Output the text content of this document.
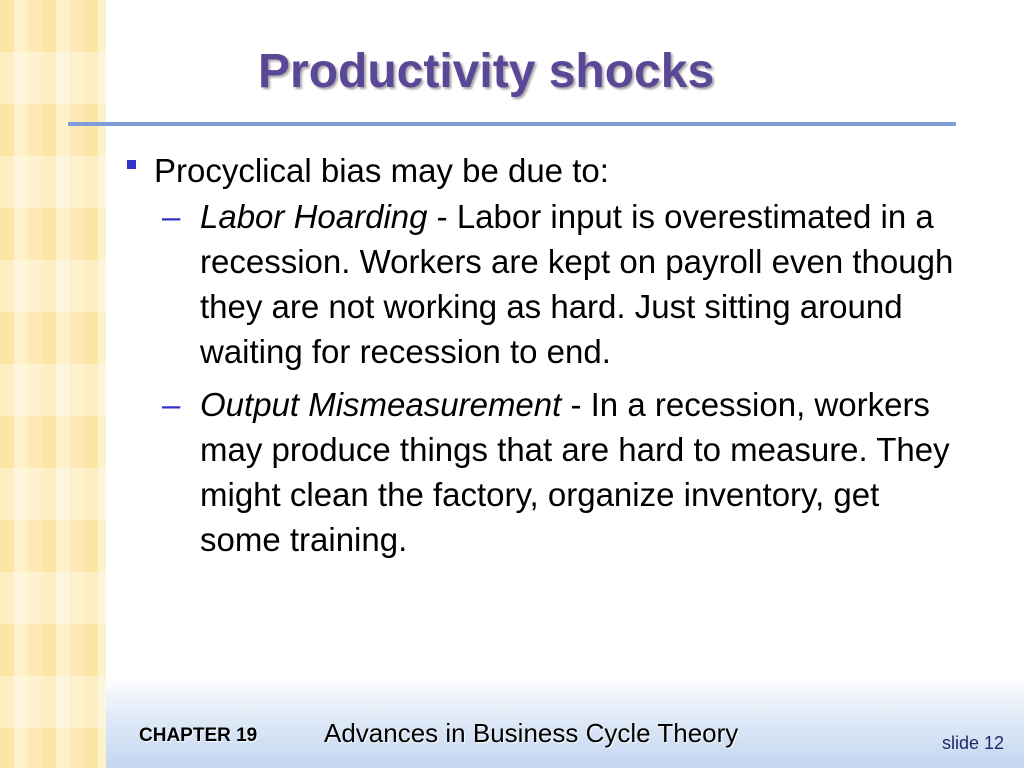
Productivity shocks

Procyclical bias may be due to:

– Labor Hoarding - Labor input is overestimated in a recession. Workers are kept on payroll even though they are not working as hard. Just sitting around waiting for recession to end.

– Output Mismeasurement - In a recession, workers may produce things that are hard to measure. They might clean the factory, organize inventory, get some training.

CHAPTER 19	Advances in Business Cycle Theory	slide 12
